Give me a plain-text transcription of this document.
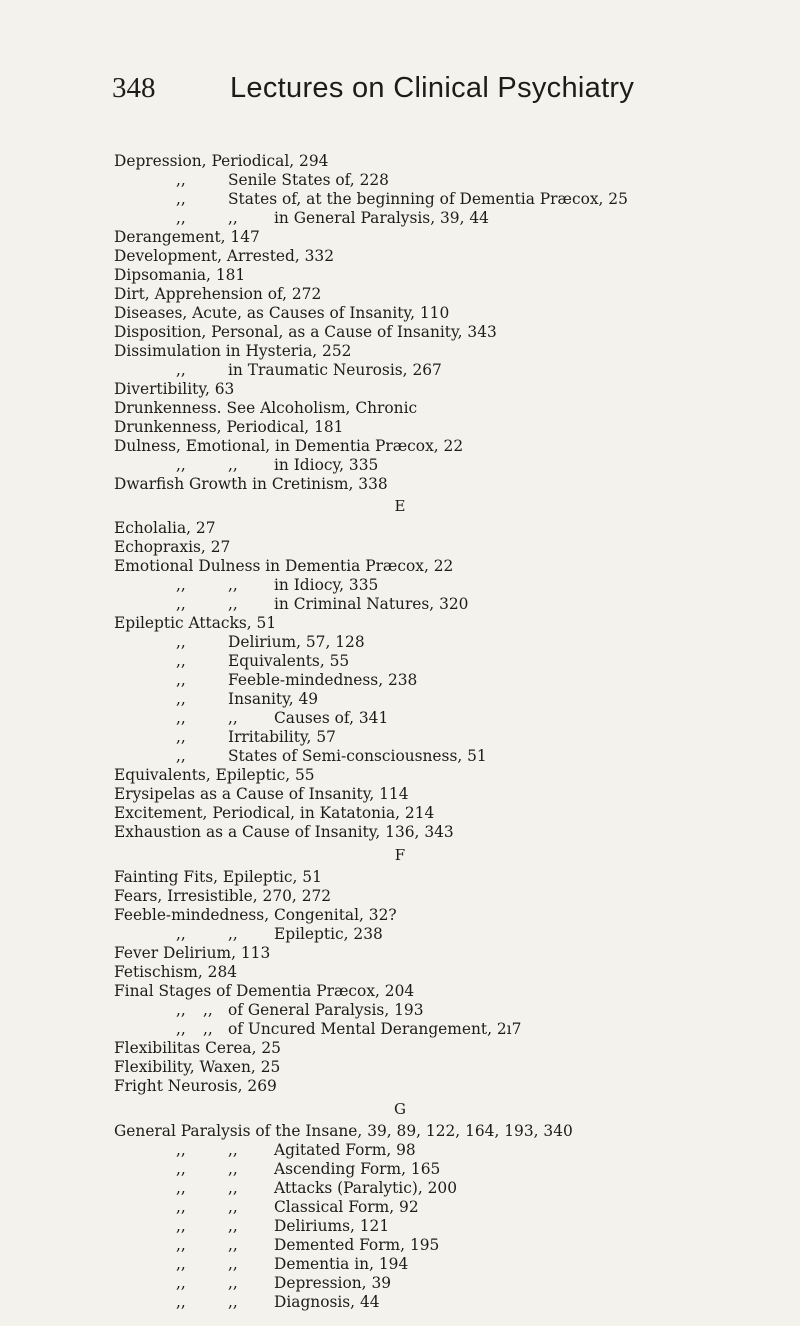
348	Lectures on Clinical Psychiatry
Depression, Periodical, 294
,,	Senile States of, 228
,,	States of, at the beginning of Dementia Præcox, 25
,,	,, in General Paralysis, 39, 44
Derangement, 147
Development, Arrested, 332
Dipsomania, 181
Dirt, Apprehension of, 272
Diseases, Acute, as Causes of Insanity, 110
Disposition, Personal, as a Cause of Insanity, 343
Dissimulation in Hysteria, 252
,,	in Traumatic Neurosis, 267
Divertibility, 63
Drunkenness. See Alcoholism, Chronic
Drunkenness, Periodical, 181
Dulness, Emotional, in Dementia Præcox, 22
,,	,, in Idiocy, 335
Dwarfish Growth in Cretinism, 338
E
Echolalia, 27
Echopraxis, 27
Emotional Dulness in Dementia Præcox, 22
,,	,, in Idiocy, 335
,,	,, in Criminal Natures, 320
Epileptic Attacks, 51
,,	Delirium, 57, 128
,,	Equivalents, 55
,,	Feeble-mindedness, 238
,,	Insanity, 49
,,	,, Causes of, 341
,,	Irritability, 57
,,	States of Semi-consciousness, 51
Equivalents, Epileptic, 55
Erysipelas as a Cause of Insanity, 114
Excitement, Periodical, in Katatonia, 214
Exhaustion as a Cause of Insanity, 136, 343
F
Fainting Fits, Epileptic, 51
Fears, Irresistible, 270, 272
Feeble-mindedness, Congenital, 32?
,,	,, Epileptic, 238
Fever Delirium, 113
Fetischism, 284
Final Stages of Dementia Præcox, 204
,, ,, of General Paralysis, 193
,, ,, of Uncured Mental Derangement, 2ı7
Flexibilitas Cerea, 25
Flexibility, Waxen, 25
Fright Neurosis, 269
G
General Paralysis of the Insane, 39, 89, 122, 164, 193, 340
,,	,, Agitated Form, 98
,,	,, Ascending Form, 165
,,	,, Attacks (Paralytic), 200
,,	,, Classical Form, 92
,,	,, Deliriums, 121
,,	,, Demented Form, 195
,,	,, Dementia in, 194
,,	,, Depression, 39
,,	,, Diagnosis, 44
